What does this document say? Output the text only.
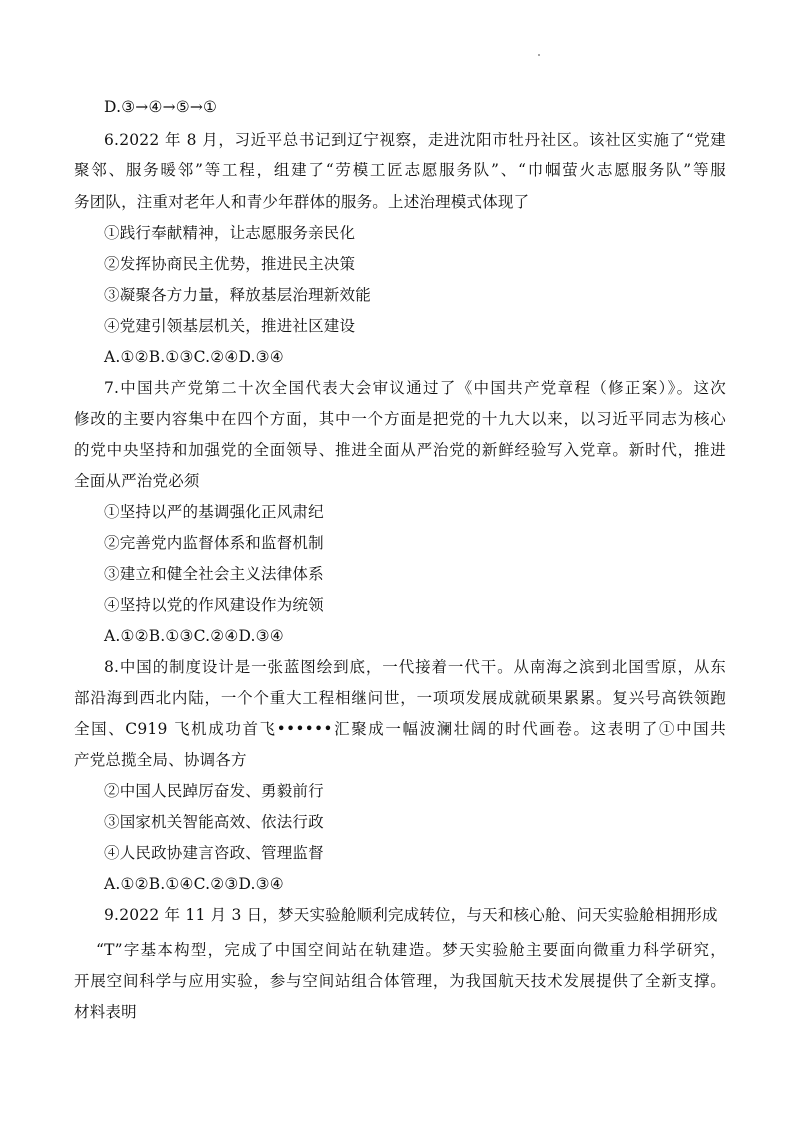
D.③→④→⑤→①
6.2022 年 8 月，习近平总书记到辽宁视察，走进沈阳市牡丹社区。该社区实施了“党建
聚邻、服务暖邻”等工程，组建了“劳模工匠志愿服务队”、“巾帼萤火志愿服务队”等服
务团队，注重对老年人和青少年群体的服务。上述治理模式体现了
①践行奉献精神，让志愿服务亲民化
②发挥协商民主优势，推进民主决策
③凝聚各方力量，释放基层治理新效能
④党建引领基层机关，推进社区建设
A.①②B.①③C.②④D.③④
7.中国共产党第二十次全国代表大会审议通过了《中国共产党章程（修正案）》。这次
修改的主要内容集中在四个方面，其中一个方面是把党的十九大以来，以习近平同志为核心
的党中央坚持和加强党的全面领导、推进全面从严治党的新鲜经验写入党章。新时代，推进
全面从严治党必须
①坚持以严的基调强化正风肃纪
②完善党内监督体系和监督机制
③建立和健全社会主义法律体系
④坚持以党的作风建设作为统领
A.①②B.①③C.②④D.③④
8.中国的制度设计是一张蓝图绘到底，一代接着一代干。从南海之滨到北国雪原，从东
部沿海到西北内陆，一个个重大工程相继问世，一项项发展成就硕果累累。复兴号高铁领跑
全国、C919 飞机成功首飞••••••汇聚成一幅波澜壮阔的时代画卷。这表明了①中国共
产党总揽全局、协调各方
②中国人民踔厉奋发、勇毅前行
③国家机关智能高效、依法行政
④人民政协建言咨政、管理监督
A.①②B.①④C.②③D.③④
9.2022 年 11 月 3 日，梦天实验舱顺利完成转位，与天和核心舱、问天实验舱相拥形成
“T”字基本构型，完成了中国空间站在轨建造。梦天实验舱主要面向微重力科学研究，
开展空间科学与应用实验，参与空间站组合体管理，为我国航天技术发展提供了全新支撑。
材料表明
